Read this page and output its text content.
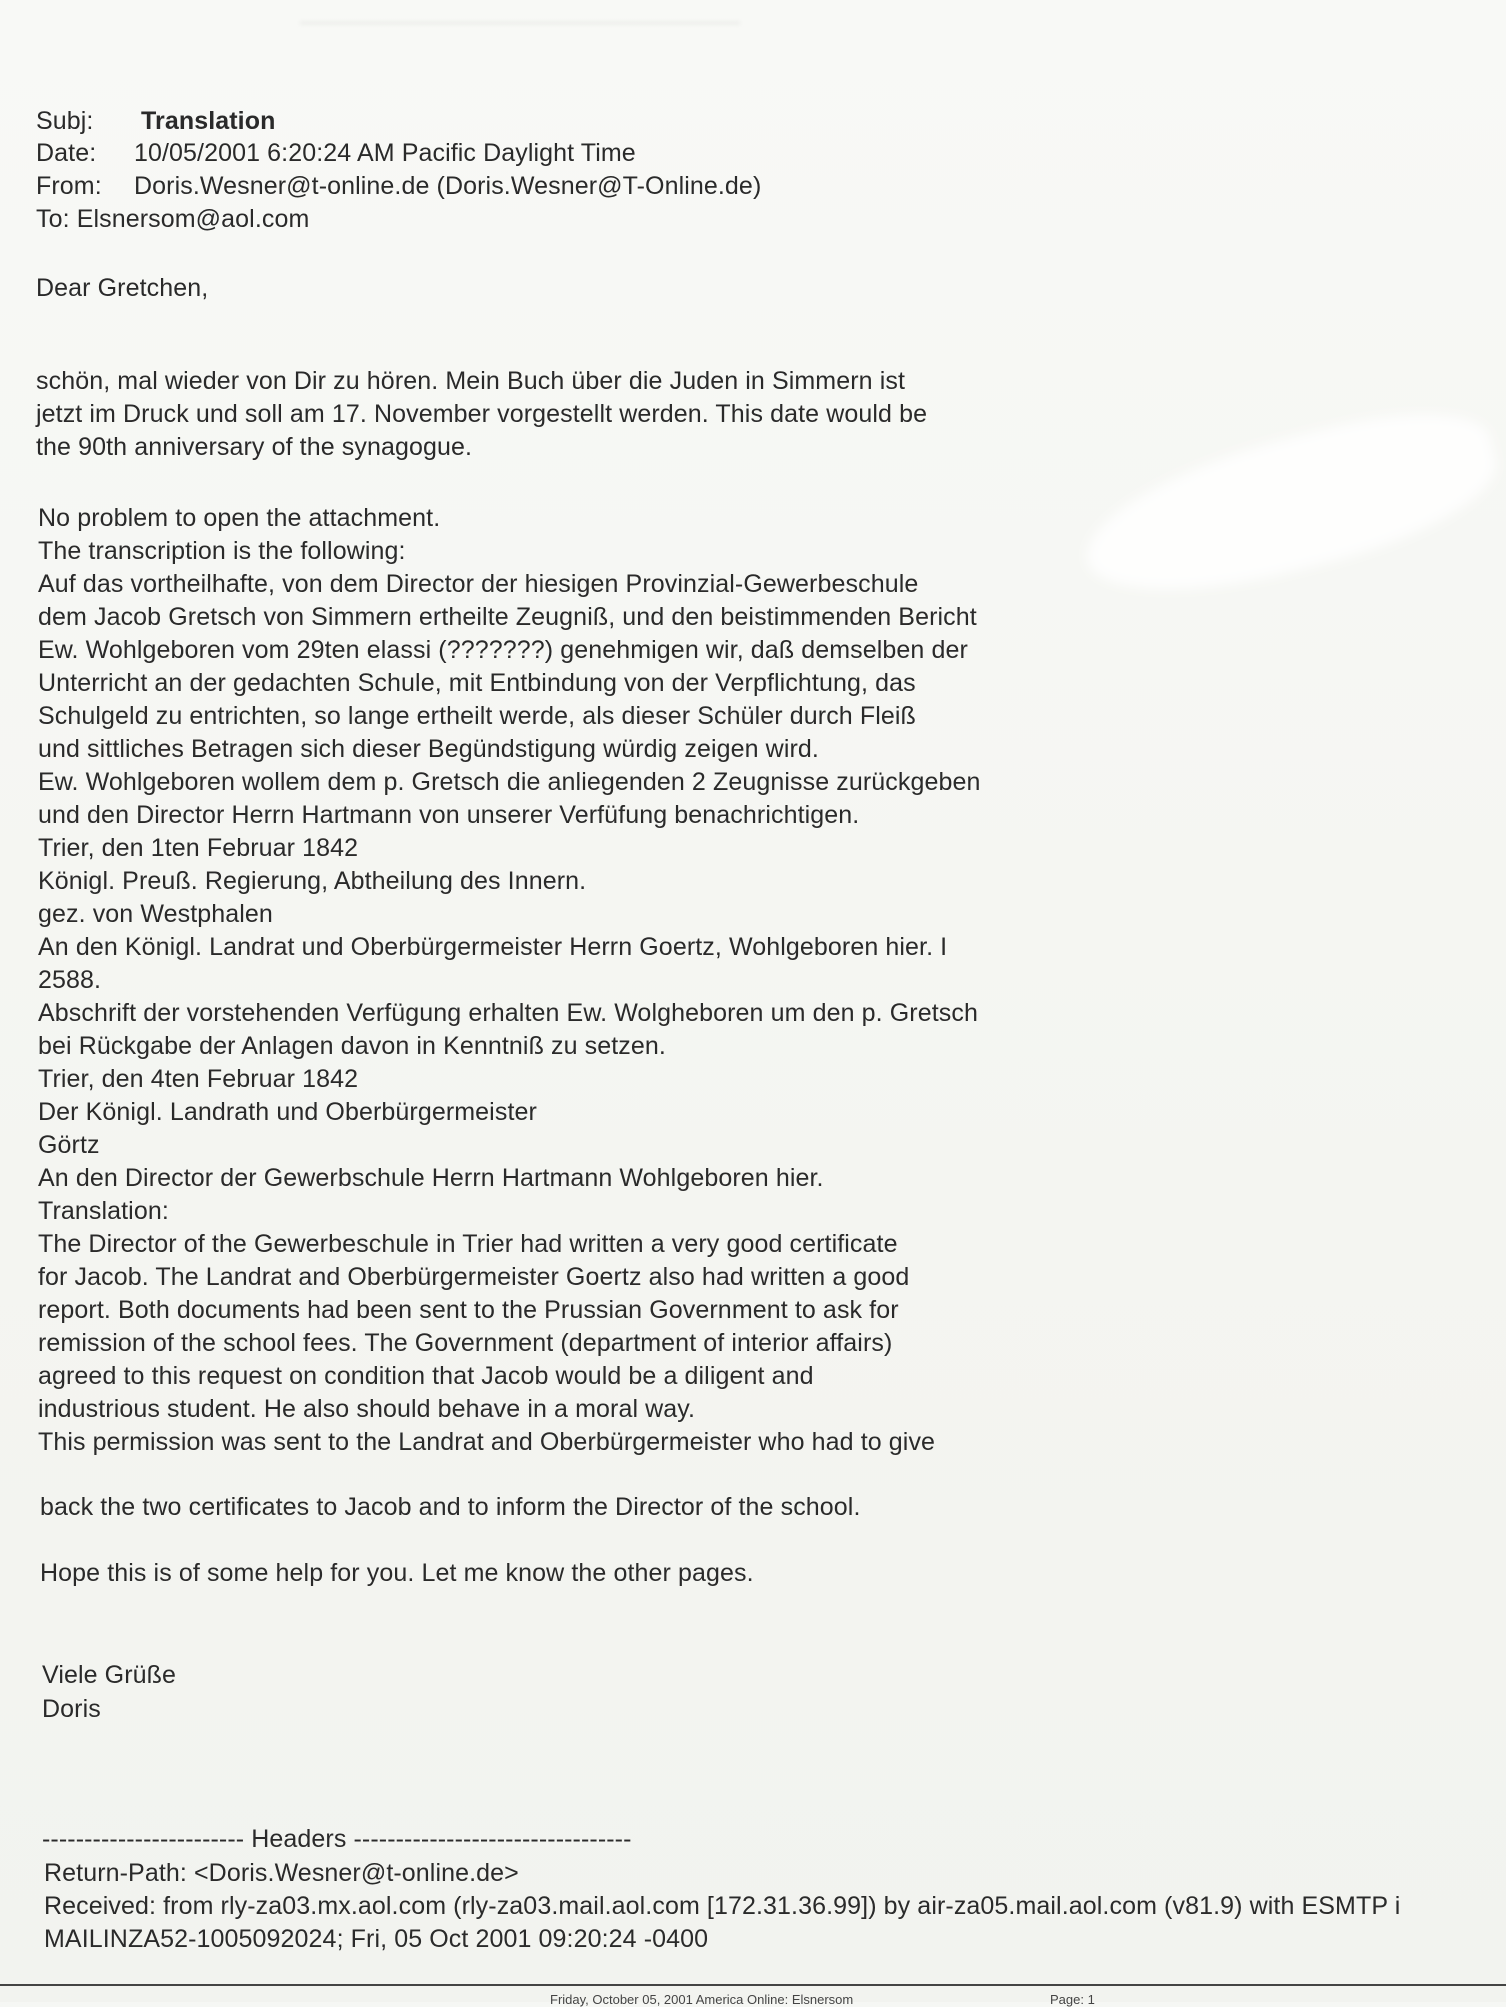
Subj: Translation
Date: 10/05/2001 6:20:24 AM Pacific Daylight Time
From: Doris.Wesner@t-online.de (Doris.Wesner@T-Online.de)
To: Elsnersom@aol.com
Dear Gretchen,
schön, mal wieder von Dir zu hören. Mein Buch über die Juden in Simmern ist
jetzt im Druck und soll am 17. November vorgestellt werden. This date would be
the 90th anniversary of the synagogue.
No problem to open the attachment.
The transcription is the following:
Auf das vortheilhafte, von dem Director der hiesigen Provinzial-Gewerbeschule
dem Jacob Gretsch von Simmern ertheilte Zeugniß, und den beistimmenden Bericht
Ew. Wohlgeboren vom 29ten elassi (???????) genehmigen wir, daß demselben der
Unterricht an der gedachten Schule, mit Entbindung von der Verpflichtung, das
Schulgeld zu entrichten, so lange ertheilt werde, als dieser Schüler durch Fleiß
und sittliches Betragen sich dieser Begündstigung würdig zeigen wird.
Ew. Wohlgeboren wollem dem p. Gretsch die anliegenden 2 Zeugnisse zurückgeben
und den Director Herrn Hartmann von unserer Verfüfung benachrichtigen.
Trier, den 1ten Februar 1842
Königl. Preuß. Regierung, Abtheilung des Innern.
gez. von Westphalen
An den Königl. Landrat und Oberbürgermeister Herrn Goertz, Wohlgeboren hier. I
2588.
Abschrift der vorstehenden Verfügung erhalten Ew. Wolgheboren um den p. Gretsch
bei Rückgabe der Anlagen davon in Kenntniß zu setzen.
Trier, den 4ten Februar 1842
Der Königl. Landrath und Oberbürgermeister
Görtz
An den Director der Gewerbschule Herrn Hartmann Wohlgeboren hier.
Translation:
The Director of the Gewerbeschule in Trier had written a very good certificate
for Jacob. The Landrat and Oberbürgermeister Goertz also had written a good
report. Both documents had been sent to the Prussian Government to ask for
remission of the school fees. The Government (department of interior affairs)
agreed to this request on condition that Jacob would be a diligent and
industrious student. He also should behave in a moral way.
This permission was sent to the Landrat and Oberbürgermeister who had to give
back the two certificates to Jacob and to inform the Director of the school.
Hope this is of some help for you. Let me know the other pages.
Viele Grüße
Doris
------------------------ Headers ---------------------------------
Return-Path: <Doris.Wesner@t-online.de>
Received: from rly-za03.mx.aol.com (rly-za03.mail.aol.com [172.31.36.99]) by air-za05.mail.aol.com (v81.9) with ESMTP i
MAILINZA52-1005092024; Fri, 05 Oct 2001 09:20:24 -0400
Friday, October 05, 2001 America Online: Elsnersom	Page: 1
